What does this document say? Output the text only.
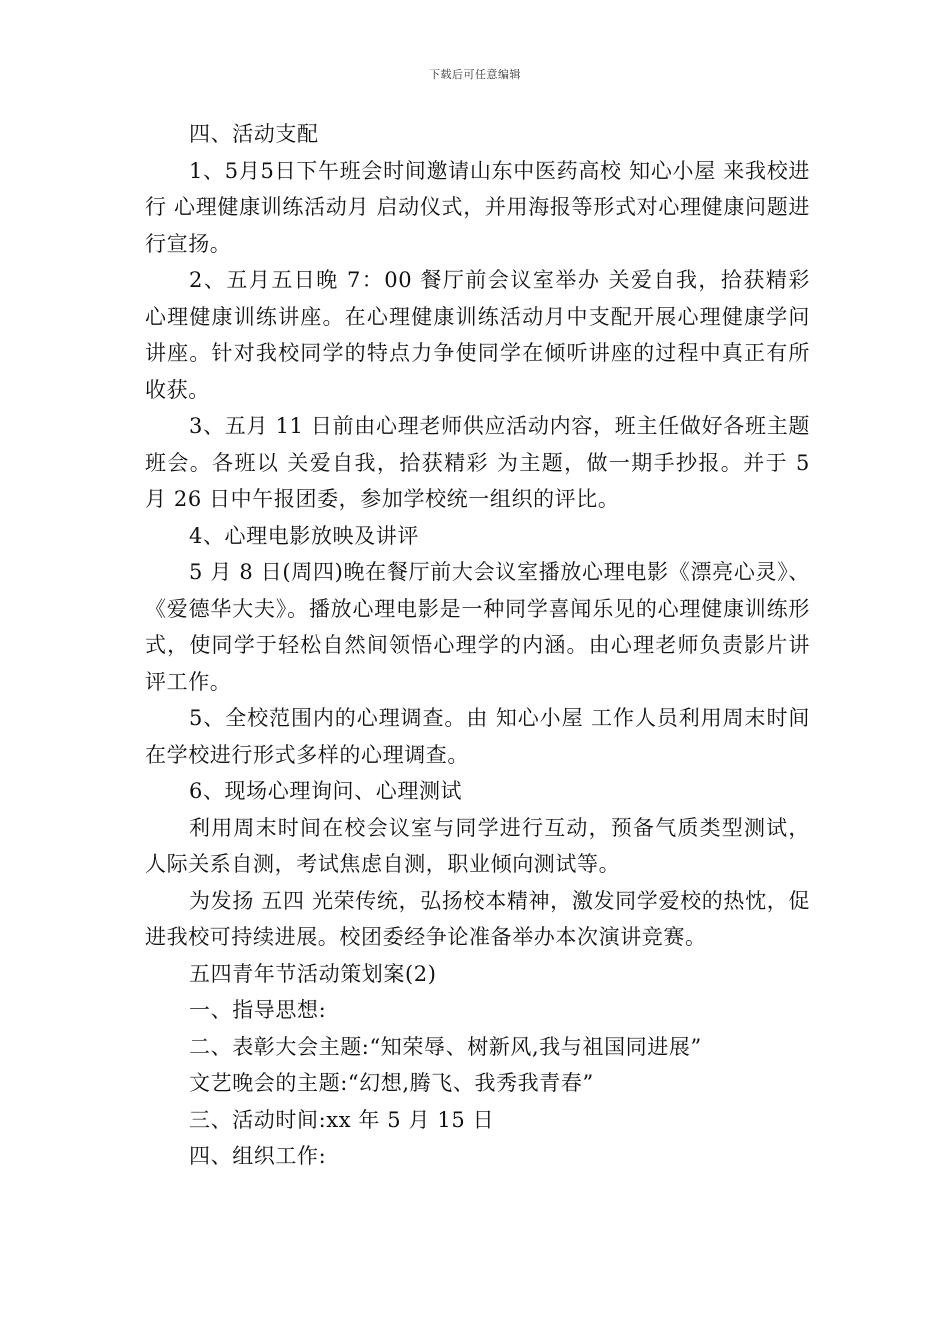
下载后可任意编辑

四、活动支配

1、5月5日下午班会时间邀请山东中医药高校 知心小屋 来我校进行 心理健康训练活动月 启动仪式，并用海报等形式对心理健康问题进行宣扬。

2、五月五日晚 7：00 餐厅前会议室举办 关爱自我，拾获精彩 心理健康训练讲座。在心理健康训练活动月中支配开展心理健康学问讲座。针对我校同学的特点力争使同学在倾听讲座的过程中真正有所收获。

3、五月 11 日前由心理老师供应活动内容，班主任做好各班主题班会。各班以 关爱自我，拾获精彩 为主题，做一期手抄报。并于 5 月 26 日中午报团委，参加学校统一组织的评比。

4、心理电影放映及讲评

5 月 8 日(周四)晚在餐厅前大会议室播放心理电影《漂亮心灵》、《爱德华大夫》。播放心理电影是一种同学喜闻乐见的心理健康训练形式，使同学于轻松自然间领悟心理学的内涵。由心理老师负责影片讲评工作。

5、全校范围内的心理调查。由 知心小屋 工作人员利用周末时间在学校进行形式多样的心理调查。

6、现场心理询问、心理测试

利用周末时间在校会议室与同学进行互动，预备气质类型测试，人际关系自测，考试焦虑自测，职业倾向测试等。

为发扬 五四 光荣传统，弘扬校本精神，激发同学爱校的热忱，促进我校可持续进展。校团委经争论准备举办本次演讲竞赛。

五四青年节活动策划案(2)

一、指导思想:

二、表彰大会主题:“知荣辱、树新风,我与祖国同进展”

文艺晚会的主题:“幻想,腾飞、我秀我青春”

三、活动时间:xx 年 5 月 15 日

四、组织工作:
